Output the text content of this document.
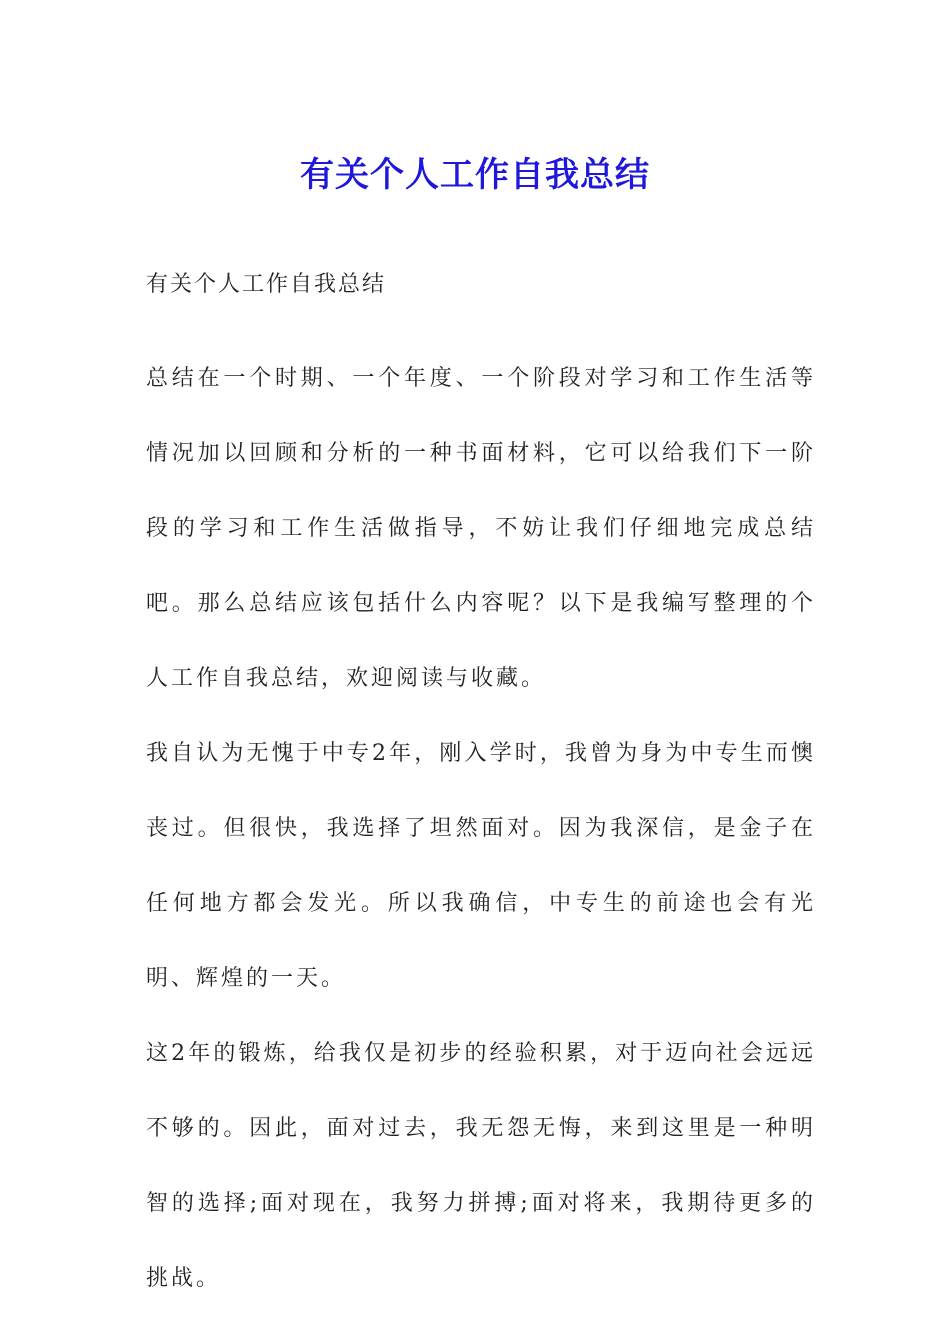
有关个人工作自我总结

有关个人工作自我总结

总结在一个时期、一个年度、一个阶段对学习和工作生活等情况加以回顾和分析的一种书面材料，它可以给我们下一阶段的学习和工作生活做指导，不妨让我们仔细地完成总结吧。那么总结应该包括什么内容呢？以下是我编写整理的个人工作自我总结，欢迎阅读与收藏。

我自认为无愧于中专2年，刚入学时，我曾为身为中专生而懊丧过。但很快，我选择了坦然面对。因为我深信，是金子在任何地方都会发光。所以我确信，中专生的前途也会有光明、辉煌的一天。

这2年的锻炼，给我仅是初步的经验积累，对于迈向社会远远不够的。因此，面对过去，我无怨无悔，来到这里是一种明智的选择;面对现在，我努力拼搏;面对将来，我期待更多的挑战。
